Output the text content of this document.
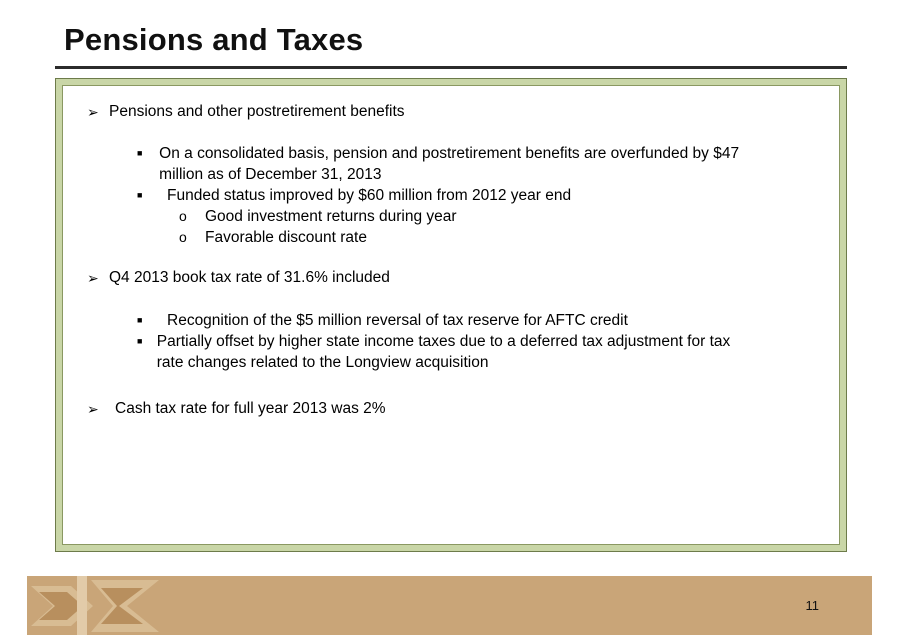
Pensions and Taxes
➢ Pensions and other postretirement benefits
■	On a consolidated basis, pension and postretirement benefits are overfunded by $47 million as of December 31, 2013
■	Funded status improved by $60 million from 2012 year end
o	Good investment returns during year
o	Favorable discount rate
➢ Q4 2013 book tax rate of 31.6% included
■	Recognition of the $5 million reversal of tax reserve for AFTC credit
■ Partially offset by higher state income taxes due to a deferred tax adjustment for tax rate changes related to the Longview acquisition
➢	Cash tax rate for full year 2013 was 2%
11
